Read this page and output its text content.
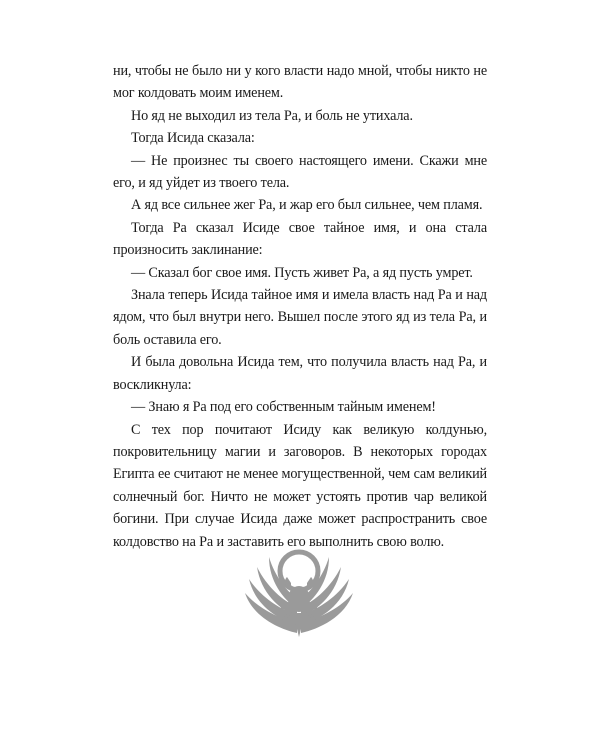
ни, чтобы не было ни у кого власти надо мной, чтобы никто не мог колдовать моим именем.

Но яд не выходил из тела Ра, и боль не утихала.

Тогда Исида сказала:

— Не произнес ты своего настоящего имени. Скажи мне его, и яд уйдет из твоего тела.

А яд все сильнее жег Ра, и жар его был сильнее, чем пламя.

Тогда Ра сказал Исиде свое тайное имя, и она стала произносить заклинание:

— Сказал бог свое имя. Пусть живет Ра, а яд пусть умрет.

Знала теперь Исида тайное имя и имела власть над Ра и над ядом, что был внутри него. Вышел после этого яд из тела Ра, и боль оставила его.

И была довольна Исида тем, что получила власть над Ра, и воскликнула:

— Знаю я Ра под его собственным тайным именем!

С тех пор почитают Исиду как великую колдунью, покровительницу магии и заговоров. В некоторых городах Египта ее считают не менее могущественной, чем сам великий солнечный бог. Ничто не может устоять против чар великой богини. При случае Исида даже может распространить свое колдовство на Ра и заставить его выполнить свою волю.
